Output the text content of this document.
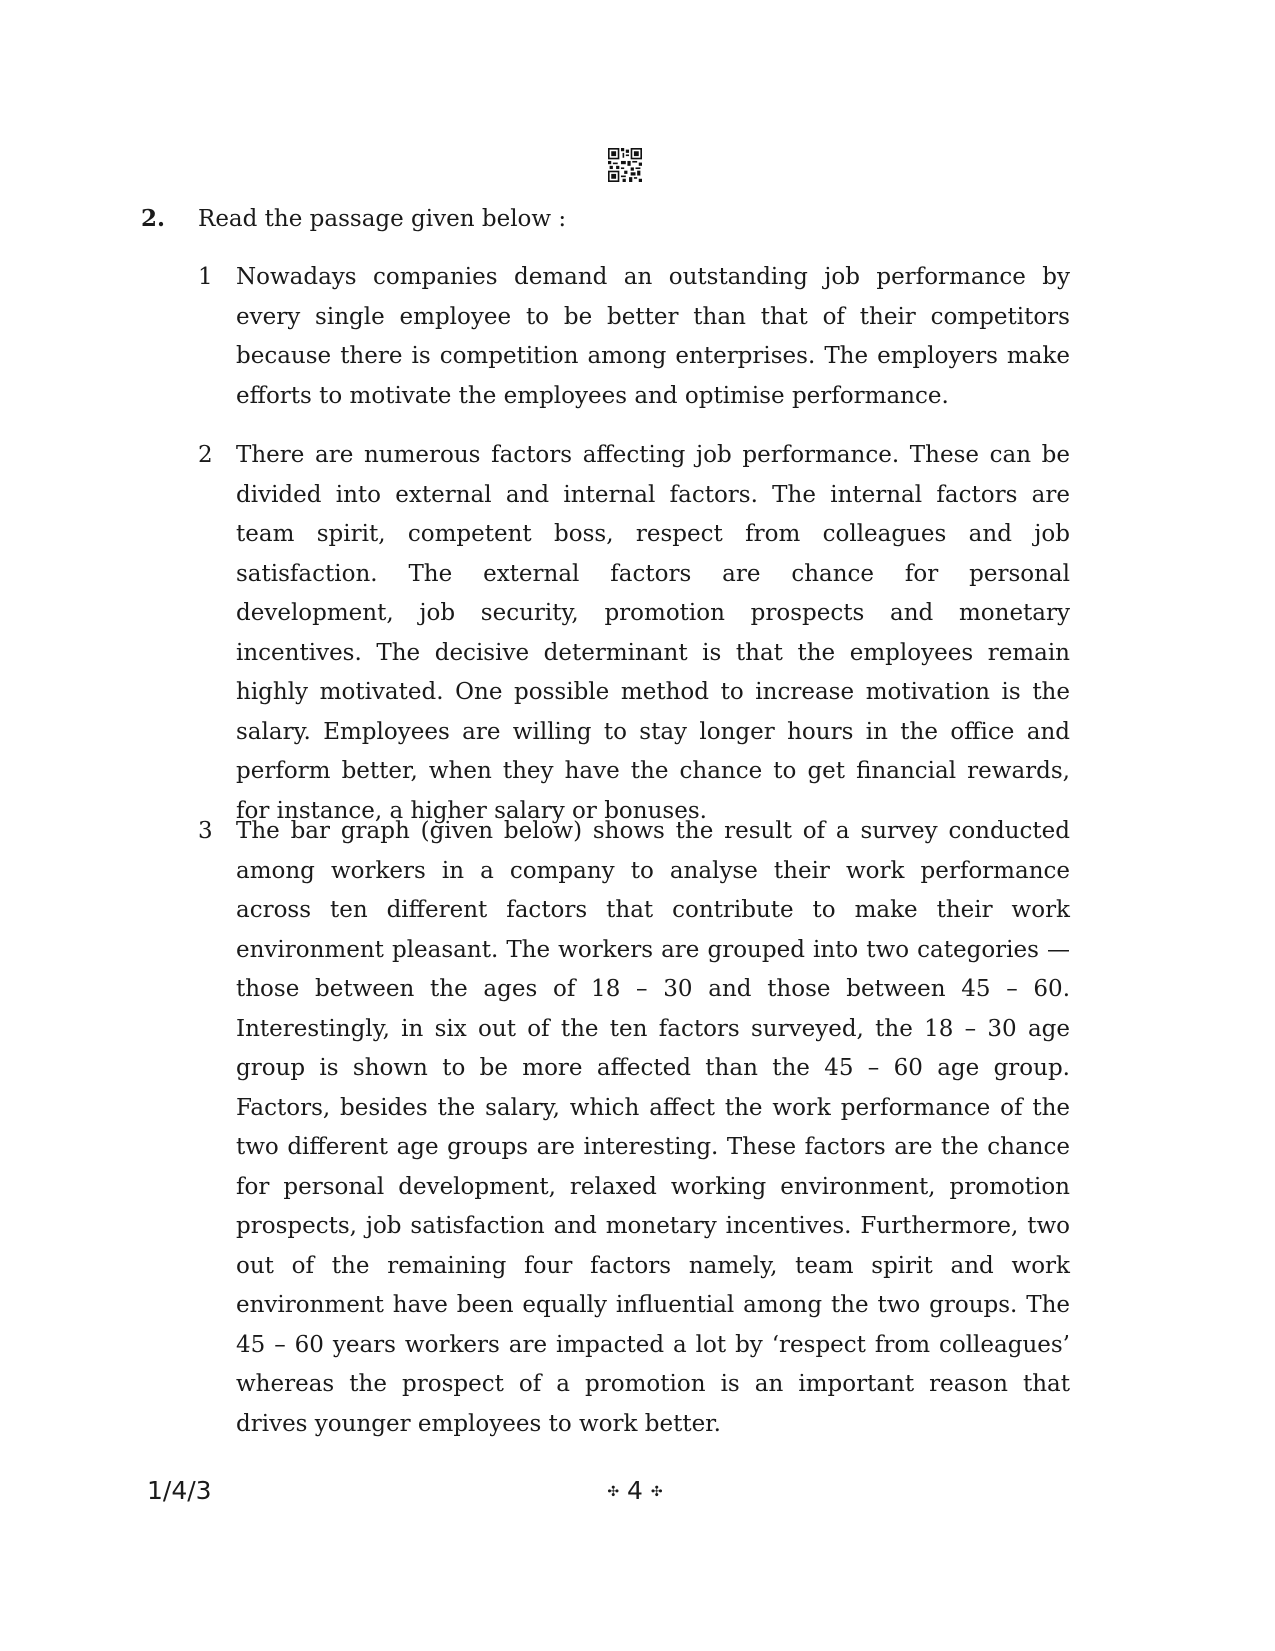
2. Read the passage given below :
1 Nowadays companies demand an outstanding job performance by every single employee to be better than that of their competitors because there is competition among enterprises. The employers make efforts to motivate the employees and optimise performance.
2 There are numerous factors affecting job performance. These can be divided into external and internal factors. The internal factors are team spirit, competent boss, respect from colleagues and job satisfaction. The external factors are chance for personal development, job security, promotion prospects and monetary incentives. The decisive determinant is that the employees remain highly motivated. One possible method to increase motivation is the salary. Employees are willing to stay longer hours in the office and perform better, when they have the chance to get financial rewards, for instance, a higher salary or bonuses.
3 The bar graph (given below) shows the result of a survey conducted among workers in a company to analyse their work performance across ten different factors that contribute to make their work environment pleasant. The workers are grouped into two categories — those between the ages of 18 – 30 and those between 45 – 60. Interestingly, in six out of the ten factors surveyed, the 18 – 30 age group is shown to be more affected than the 45 – 60 age group. Factors, besides the salary, which affect the work performance of the two different age groups are interesting. These factors are the chance for personal development, relaxed working environment, promotion prospects, job satisfaction and monetary incentives. Furthermore, two out of the remaining four factors namely, team spirit and work environment have been equally influential among the two groups. The 45 – 60 years workers are impacted a lot by ‘respect from colleagues’ whereas the prospect of a promotion is an important reason that drives younger employees to work better.
1/4/3	✣ 4 ✣
